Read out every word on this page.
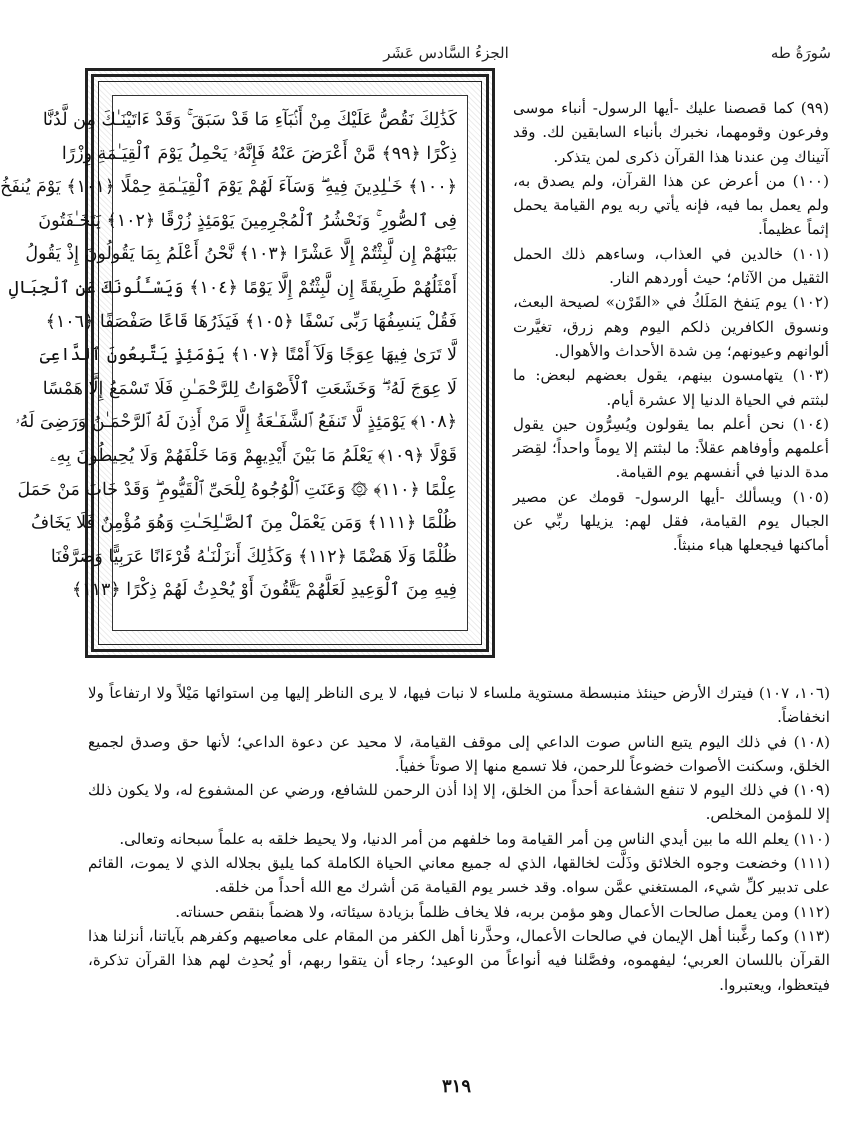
سُورَةُ طه
الجزءُ السَّادس عَشَر
كَذَٰلِكَ نَقُصُّ عَلَيْكَ مِنْ أَنۢبَآءِ مَا قَدْ سَبَقَ ۚ وَقَدْ ءَاتَيْنَـٰكَ مِن لَّدُنَّا
ذِكْرًا ﴿٩٩﴾ مَّنْ أَعْرَضَ عَنْهُ فَإِنَّهُۥ يَحْمِلُ يَوْمَ ٱلْقِيَـٰمَةِ وِزْرًا
﴿١٠٠﴾ خَـٰلِدِينَ فِيهِ ۖ وَسَآءَ لَهُمْ يَوْمَ ٱلْقِيَـٰمَةِ حِمْلًا ﴿١٠١﴾ يَوْمَ يُنفَخُ
فِى ٱلصُّورِ ۚ وَنَحْشُرُ ٱلْمُجْرِمِينَ يَوْمَئِذٍ زُرْقًا ﴿١٠٢﴾ يَتَخَـٰفَتُونَ
بَيْنَهُمْ إِن لَّبِثْتُمْ إِلَّا عَشْرًا ﴿١٠٣﴾ نَّحْنُ أَعْلَمُ بِمَا يَقُولُونَ إِذْ يَقُولُ
أَمْثَلُهُمْ طَرِيقَةً إِن لَّبِثْتُمْ إِلَّا يَوْمًا ﴿١٠٤﴾ وَيَسْـَٔلُونَكَ عَنِ ٱلْجِبَالِ
فَقُلْ يَنسِفُهَا رَبِّى نَسْفًا ﴿١٠٥﴾ فَيَذَرُهَا قَاعًا صَفْصَفًا ﴿١٠٦﴾
لَّا تَرَىٰ فِيهَا عِوَجًا وَلَآ أَمْتًا ﴿١٠٧﴾ يَوْمَئِذٍ يَتَّبِعُونَ ٱلدَّاعِىَ
لَا عِوَجَ لَهُۥ ۖ وَخَشَعَتِ ٱلْأَصْوَاتُ لِلرَّحْمَـٰنِ فَلَا تَسْمَعُ إِلَّا هَمْسًا
﴿١٠٨﴾ يَوْمَئِذٍ لَّا تَنفَعُ ٱلشَّفَـٰعَةُ إِلَّا مَنْ أَذِنَ لَهُ ٱلرَّحْمَـٰنُ وَرَضِىَ لَهُۥ
قَوْلًا ﴿١٠٩﴾ يَعْلَمُ مَا بَيْنَ أَيْدِيهِمْ وَمَا خَلْفَهُمْ وَلَا يُحِيطُونَ بِهِۦ
عِلْمًا ﴿١١٠﴾ ۞ وَعَنَتِ ٱلْوُجُوهُ لِلْحَىِّ ٱلْقَيُّومِ ۖ وَقَدْ خَابَ مَنْ حَمَلَ
ظُلْمًا ﴿١١١﴾ وَمَن يَعْمَلْ مِنَ ٱلصَّـٰلِحَـٰتِ وَهُوَ مُؤْمِنٌ فَلَا يَخَافُ
ظُلْمًا وَلَا هَضْمًا ﴿١١٢﴾ وَكَذَٰلِكَ أَنزَلْنَـٰهُ قُرْءَانًا عَرَبِيًّا وَصَرَّفْنَا
فِيهِ مِنَ ٱلْوَعِيدِ لَعَلَّهُمْ يَتَّقُونَ أَوْ يُحْدِثُ لَهُمْ ذِكْرًا ﴿١١٣﴾

(٩٩) كما قصصنا عليك -أيها الرسول- أنباء موسى وفرعون وقومهما، نخبرك بأنباء السابقين لك. وقد آتيناك مِن عندنا هذا القرآن ذكرى لمن يتذكر.

(١٠٠) من أعرض عن هذا القرآن، ولم يصدق به، ولم يعمل بما فيه، فإنه يأتي ربه يوم القيامة يحمل إثماً عظيماً.

(١٠١) خالدين في العذاب، وساءهم ذلك الحمل الثقيل من الآثام؛ حيث أوردهم النار.

(١٠٢) يوم يَنفخ المَلَكُ في «القَرْن» لصيحة البعث، ونسوق الكافرين ذلكم اليوم وهم زرق، تغيَّرت ألوانهم وعيونهم؛ مِن شدة الأحداث والأهوال.

(١٠٣) يتهامسون بينهم، يقول بعضهم لبعض: ما لبثتم في الحياة الدنيا إلا عشرة أيام.

(١٠٤) نحن أعلم بما يقولون ويُسِرُّون حين يقول أعلمهم وأوفاهم عقلاً: ما لبثتم إلا يوماً واحداً؛ لقِصَر مدة الدنيا في أنفسهم يوم القيامة.

(١٠٥) ويسألك -أيها الرسول- قومك عن مصير الجبال يوم القيامة، فقل لهم: يزيلها ربِّي عن أماكنها فيجعلها هباء منبثاً.

(١٠٦، ١٠٧) فيترك الأرض حينئذ منبسطة مستوية ملساء لا نبات فيها، لا يرى الناظر إليها مِن استوائها مَيْلاً ولا ارتفاعاً ولا انخفاضاً.

(١٠٨) في ذلك اليوم يتبع الناس صوت الداعي إلى موقف القيامة، لا محيد عن دعوة الداعي؛ لأنها حق وصدق لجميع الخلق، وسكنت الأصوات خضوعاً للرحمن، فلا تسمع منها إلا صوتاً خفياً.

(١٠٩) في ذلك اليوم لا تنفع الشفاعة أحداً من الخلق، إلا إذا أذن الرحمن للشافع، ورضي عن المشفوع له، ولا يكون ذلك إلا للمؤمن المخلص.

(١١٠) يعلم الله ما بين أيدي الناس مِن أمر القيامة وما خلفهم من أمر الدنيا، ولا يحيط خلقه به علماً سبحانه وتعالى.

(١١١) وخضعت وجوه الخلائق وذَلَّت لخالقها، الذي له جميع معاني الحياة الكاملة كما يليق بجلاله الذي لا يموت، القائم على تدبير كلِّ شيء، المستغني عمَّن سواه. وقد خسر يوم القيامة مَن أشرك مع الله أحداً من خلقه.

(١١٢) ومن يعمل صالحات الأعمال وهو مؤمن بربه، فلا يخاف ظلماً بزيادة سيئاته، ولا هضماً بنقص حسناته.

(١١٣) وكما رغَّبنا أهل الإيمان في صالحات الأعمال، وحذَّرنا أهل الكفر من المقام على معاصيهم وكفرهم بآياتنا، أنزلنا هذا القرآن باللسان العربي؛ ليفهموه، وفصَّلنا فيه أنواعاً من الوعيد؛ رجاء أن يتقوا ربهم، أو يُحدِث لهم هذا القرآن تذكرة، فيتعظوا، ويعتبروا.

٣١٩
